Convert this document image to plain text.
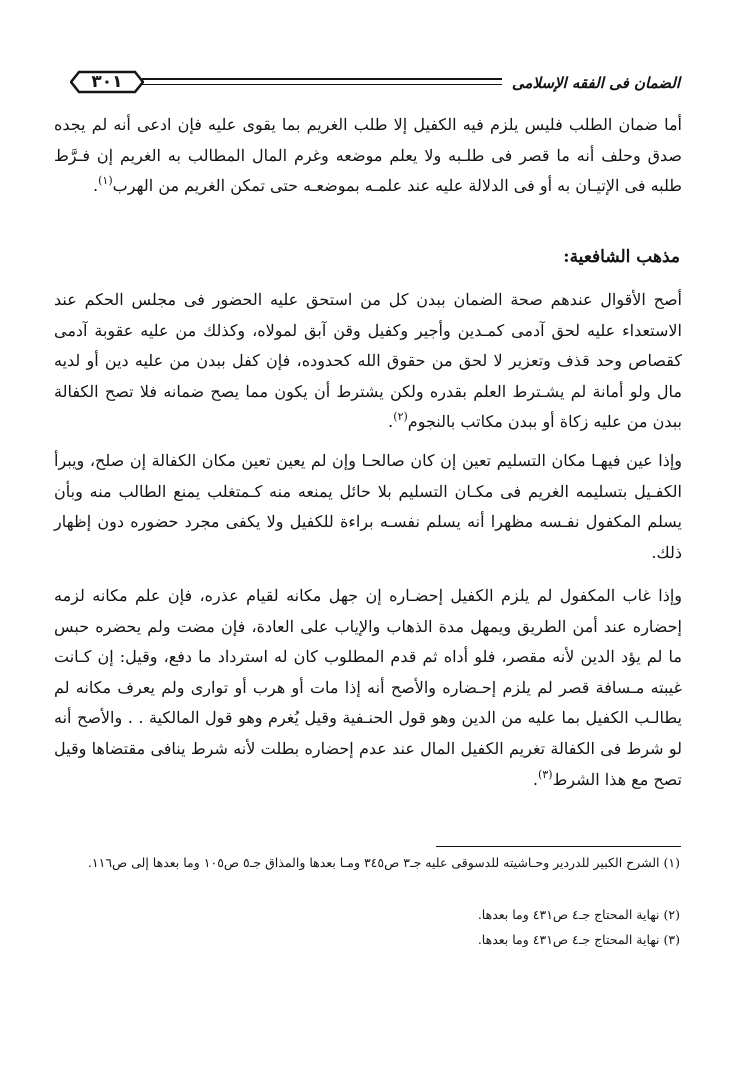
٣٠١	الضمان فى الفقه الإسلامى

أما ضمان الطلب فليس يلزم فيه الكفيل إلا طلب الغريم بما يقوى عليه فإن ادعى أنه لم يجده صدق وحلف أنه ما قصر فى طلـبه ولا يعلم موضعه وغرم المال المطالب به الغريم إن فـرَّط طلبه فى الإتيـان به أو فى الدلالة عليه عند علمـه بموضعـه حتى تمكن الغريم من الهرب$^{(١)}$.

مذهب الشافعية:

أصح الأقوال عندهم صحة الضمان ببدن كل من استحق عليه الحضور فى مجلس الحكم عند الاستعداء عليه لحق آدمى كمـدين وأجير وكفيل وقن آبق لمولاه، وكذلك من عليه عقوبة آدمى كقصاص وحد قذف وتعزير لا لحق من حقوق الله كحدوده، فإن كفل ببدن من عليه دين أو لديه مال ولو أمانة لم يشـترط العلم بقدره ولكن يشترط أن يكون مما يصح ضمانه فلا تصح الكفالة ببدن من عليه زكاة أو ببدن مكاتب بالنجوم$^{(٢)}$.

وإذا عين فيهـا مكان التسليم تعين إن كان صالحـا وإن لم يعين تعين مكان الكفالة إن صلح، ويبرأ الكفـيل بتسليمه الغريم فى مكـان التسليم بلا حائل يمنعه منه كـمتغلب يمنع الطالب منه وبأن يسلم المكفول نفـسه مظهرا أنه يسلم نفسـه براءة للكفيل ولا يكفى مجرد حضوره دون إظهار ذلك.

وإذا غاب المكفول لم يلزم الكفيل إحضـاره إن جهل مكانه لقيام عذره، فإن علم مكانه لزمه إحضاره عند أمن الطريق ويمهل مدة الذهاب والإياب على العادة، فإن مضت ولم يحضره حبس ما لم يؤد الدين لأنه مقصر، فلو أداه ثم قدم المطلوب كان له استرداد ما دفع، وقيل: إن كـانت غيبته مـسافة قصر لم يلزم إحـضاره والأصح أنه إذا مات أو هرب أو توارى ولم يعرف مكانه لم يطالـب الكفيل بما عليه من الدين وهو قول الحنـفية وقيل يُغرم وهو قول المالكية . . والأصح أنه لو شرط فى الكفالة تغريم الكفيل المال عند عدم إحضاره بطلت لأنه شرط ينافى مقتضاها وقيل تصح مع هذا الشرط$^{(٣)}$.

(١) الشرح الكبير للدردير وحـاشيته للدسوقى عليه جـ٣ ص٣٤٥ ومـا بعدها والمذاق جـ٥ ص١٠٥ وما بعدها إلى ص١١٦.

(٢) نهاية المحتاج جـ٤ ص٤٣١ وما بعدها.

(٣) نهاية المحتاج جـ٤ ص٤٣١ وما بعدها.
